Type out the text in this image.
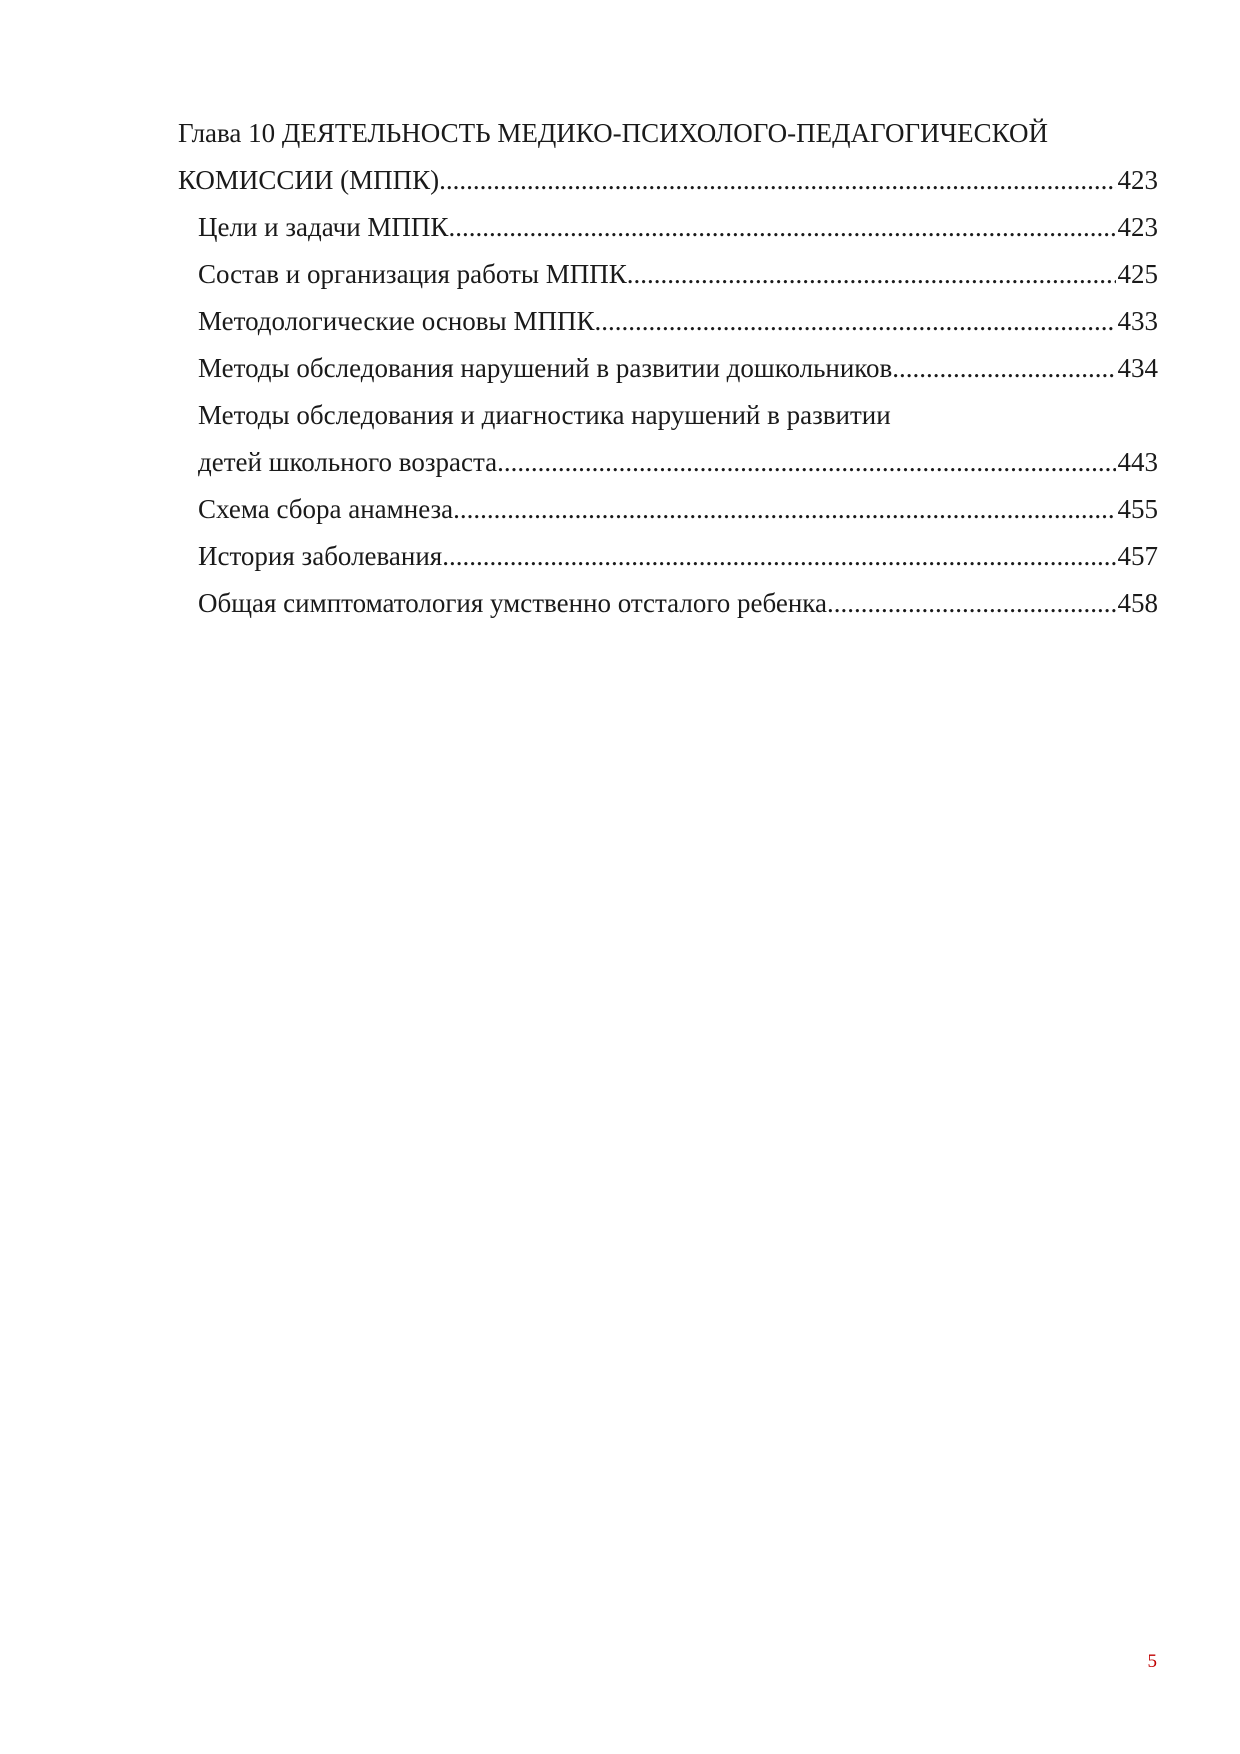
Глава 10 ДЕЯТЕЛЬНОСТЬ МЕДИКО-ПСИХОЛОГО-ПЕДАГОГИЧЕСКОЙ
КОМИССИИ (МППК) .....	423
Цели и задачи МППК .....	423
Состав и организация работы МППК .....	425
Методологические основы МППК .....	433
Методы обследования нарушений в развитии дошкольников .....	434
Методы обследования и диагностика нарушений в развитии
детей школьного возраста .....	443
Схема сбора анамнеза .....	455
История заболевания .....	457
Общая симптоматология умственно отсталого ребенка .....	458
5
